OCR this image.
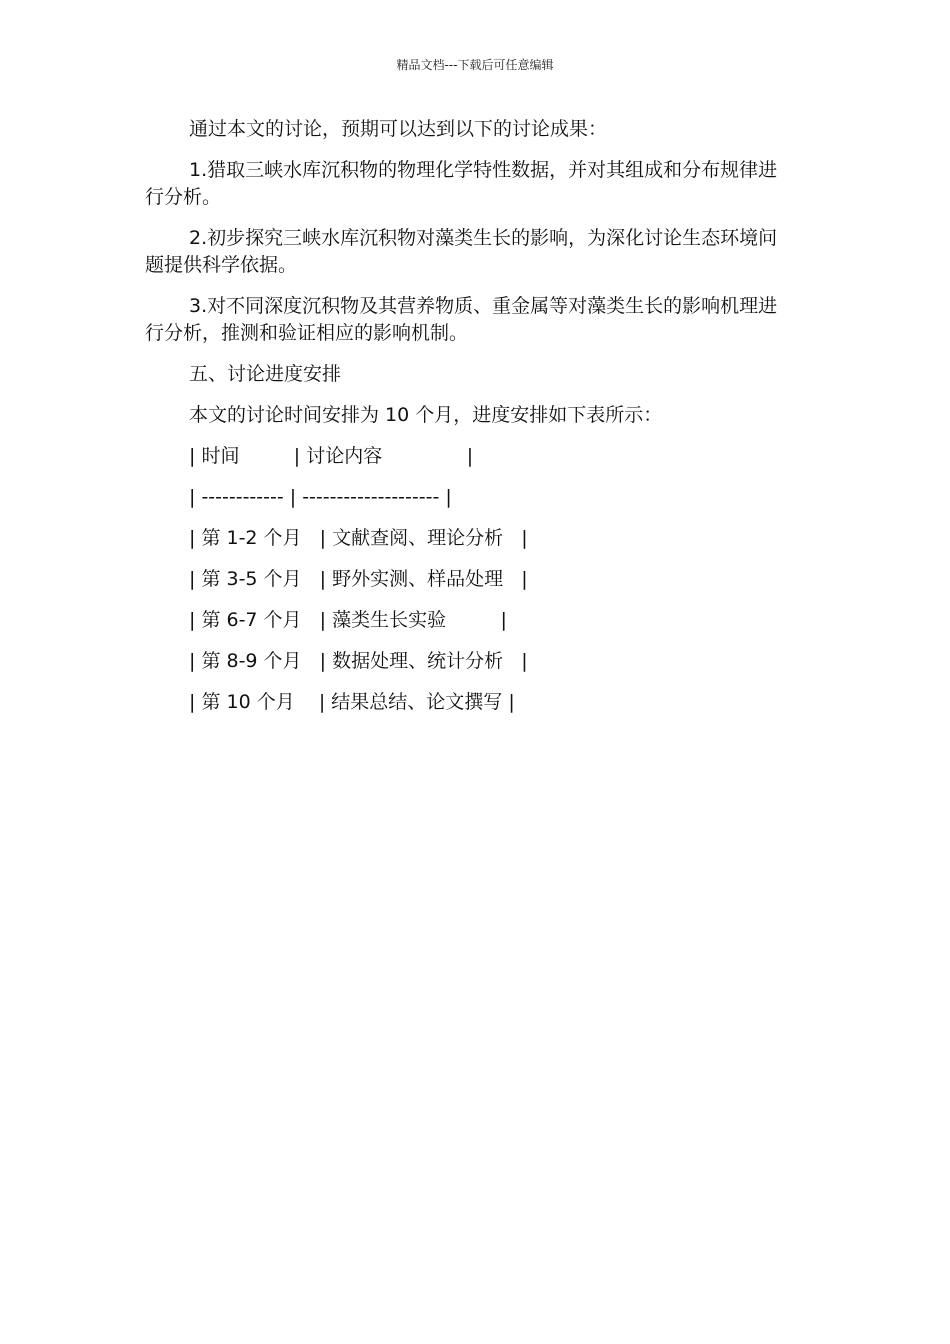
精品文档---下载后可任意编辑

通过本文的讨论，预期可以达到以下的讨论成果：

1.猎取三峡水库沉积物的物理化学特性数据，并对其组成和分布规律进行分析。

2.初步探究三峡水库沉积物对藻类生长的影响，为深化讨论生态环境问题提供科学依据。

3.对不同深度沉积物及其营养物质、重金属等对藻类生长的影响机理进行分析，推测和验证相应的影响机制。

五、讨论进度安排

本文的讨论时间安排为 10 个月，进度安排如下表所示：

| 时间         | 讨论内容              |
| ------------ | -------------------- |
| 第 1-2 个月   | 文献查阅、理论分析   |
| 第 3-5 个月   | 野外实测、样品处理   |
| 第 6-7 个月   | 藻类生长实验         |
| 第 8-9 个月   | 数据处理、统计分析   |
| 第 10 个月    | 结果总结、论文撰写 |
